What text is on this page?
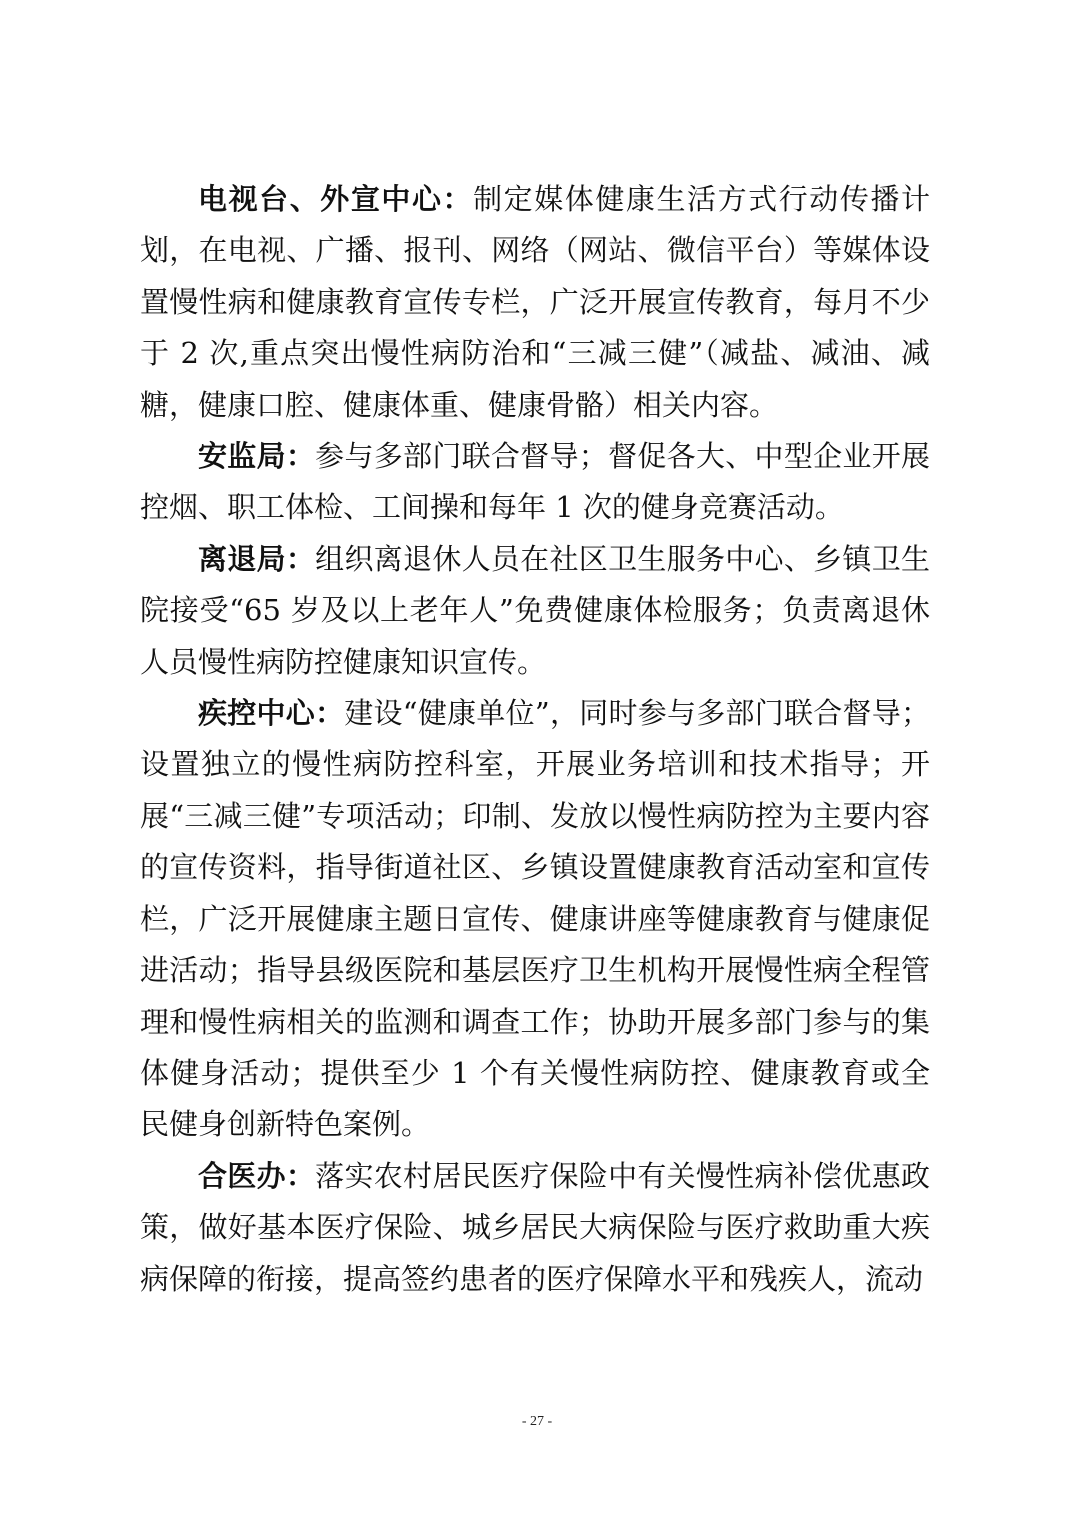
电视台、外宣中心：制定媒体健康生活方式行动传播计划，在电视、广播、报刊、网络（网站、微信平台）等媒体设置慢性病和健康教育宣传专栏，广泛开展宣传教育，每月不少于 2 次,重点突出慢性病防治和“三减三健”（减盐、减油、减糖，健康口腔、健康体重、健康骨骼）相关内容。

安监局：参与多部门联合督导；督促各大、中型企业开展控烟、职工体检、工间操和每年 1 次的健身竞赛活动。

离退局：组织离退休人员在社区卫生服务中心、乡镇卫生院接受“65 岁及以上老年人”免费健康体检服务；负责离退休人员慢性病防控健康知识宣传。

疾控中心：建设“健康单位”，同时参与多部门联合督导；设置独立的慢性病防控科室，开展业务培训和技术指导；开展“三减三健”专项活动；印制、发放以慢性病防控为主要内容的宣传资料，指导街道社区、乡镇设置健康教育活动室和宣传栏，广泛开展健康主题日宣传、健康讲座等健康教育与健康促进活动；指导县级医院和基层医疗卫生机构开展慢性病全程管理和慢性病相关的监测和调查工作；协助开展多部门参与的集体健身活动；提供至少 1 个有关慢性病防控、健康教育或全民健身创新特色案例。

合医办：落实农村居民医疗保险中有关慢性病补偿优惠政策，做好基本医疗保险、城乡居民大病保险与医疗救助重大疾病保障的衔接，提高签约患者的医疗保障水平和残疾人，流动

- 27 -
